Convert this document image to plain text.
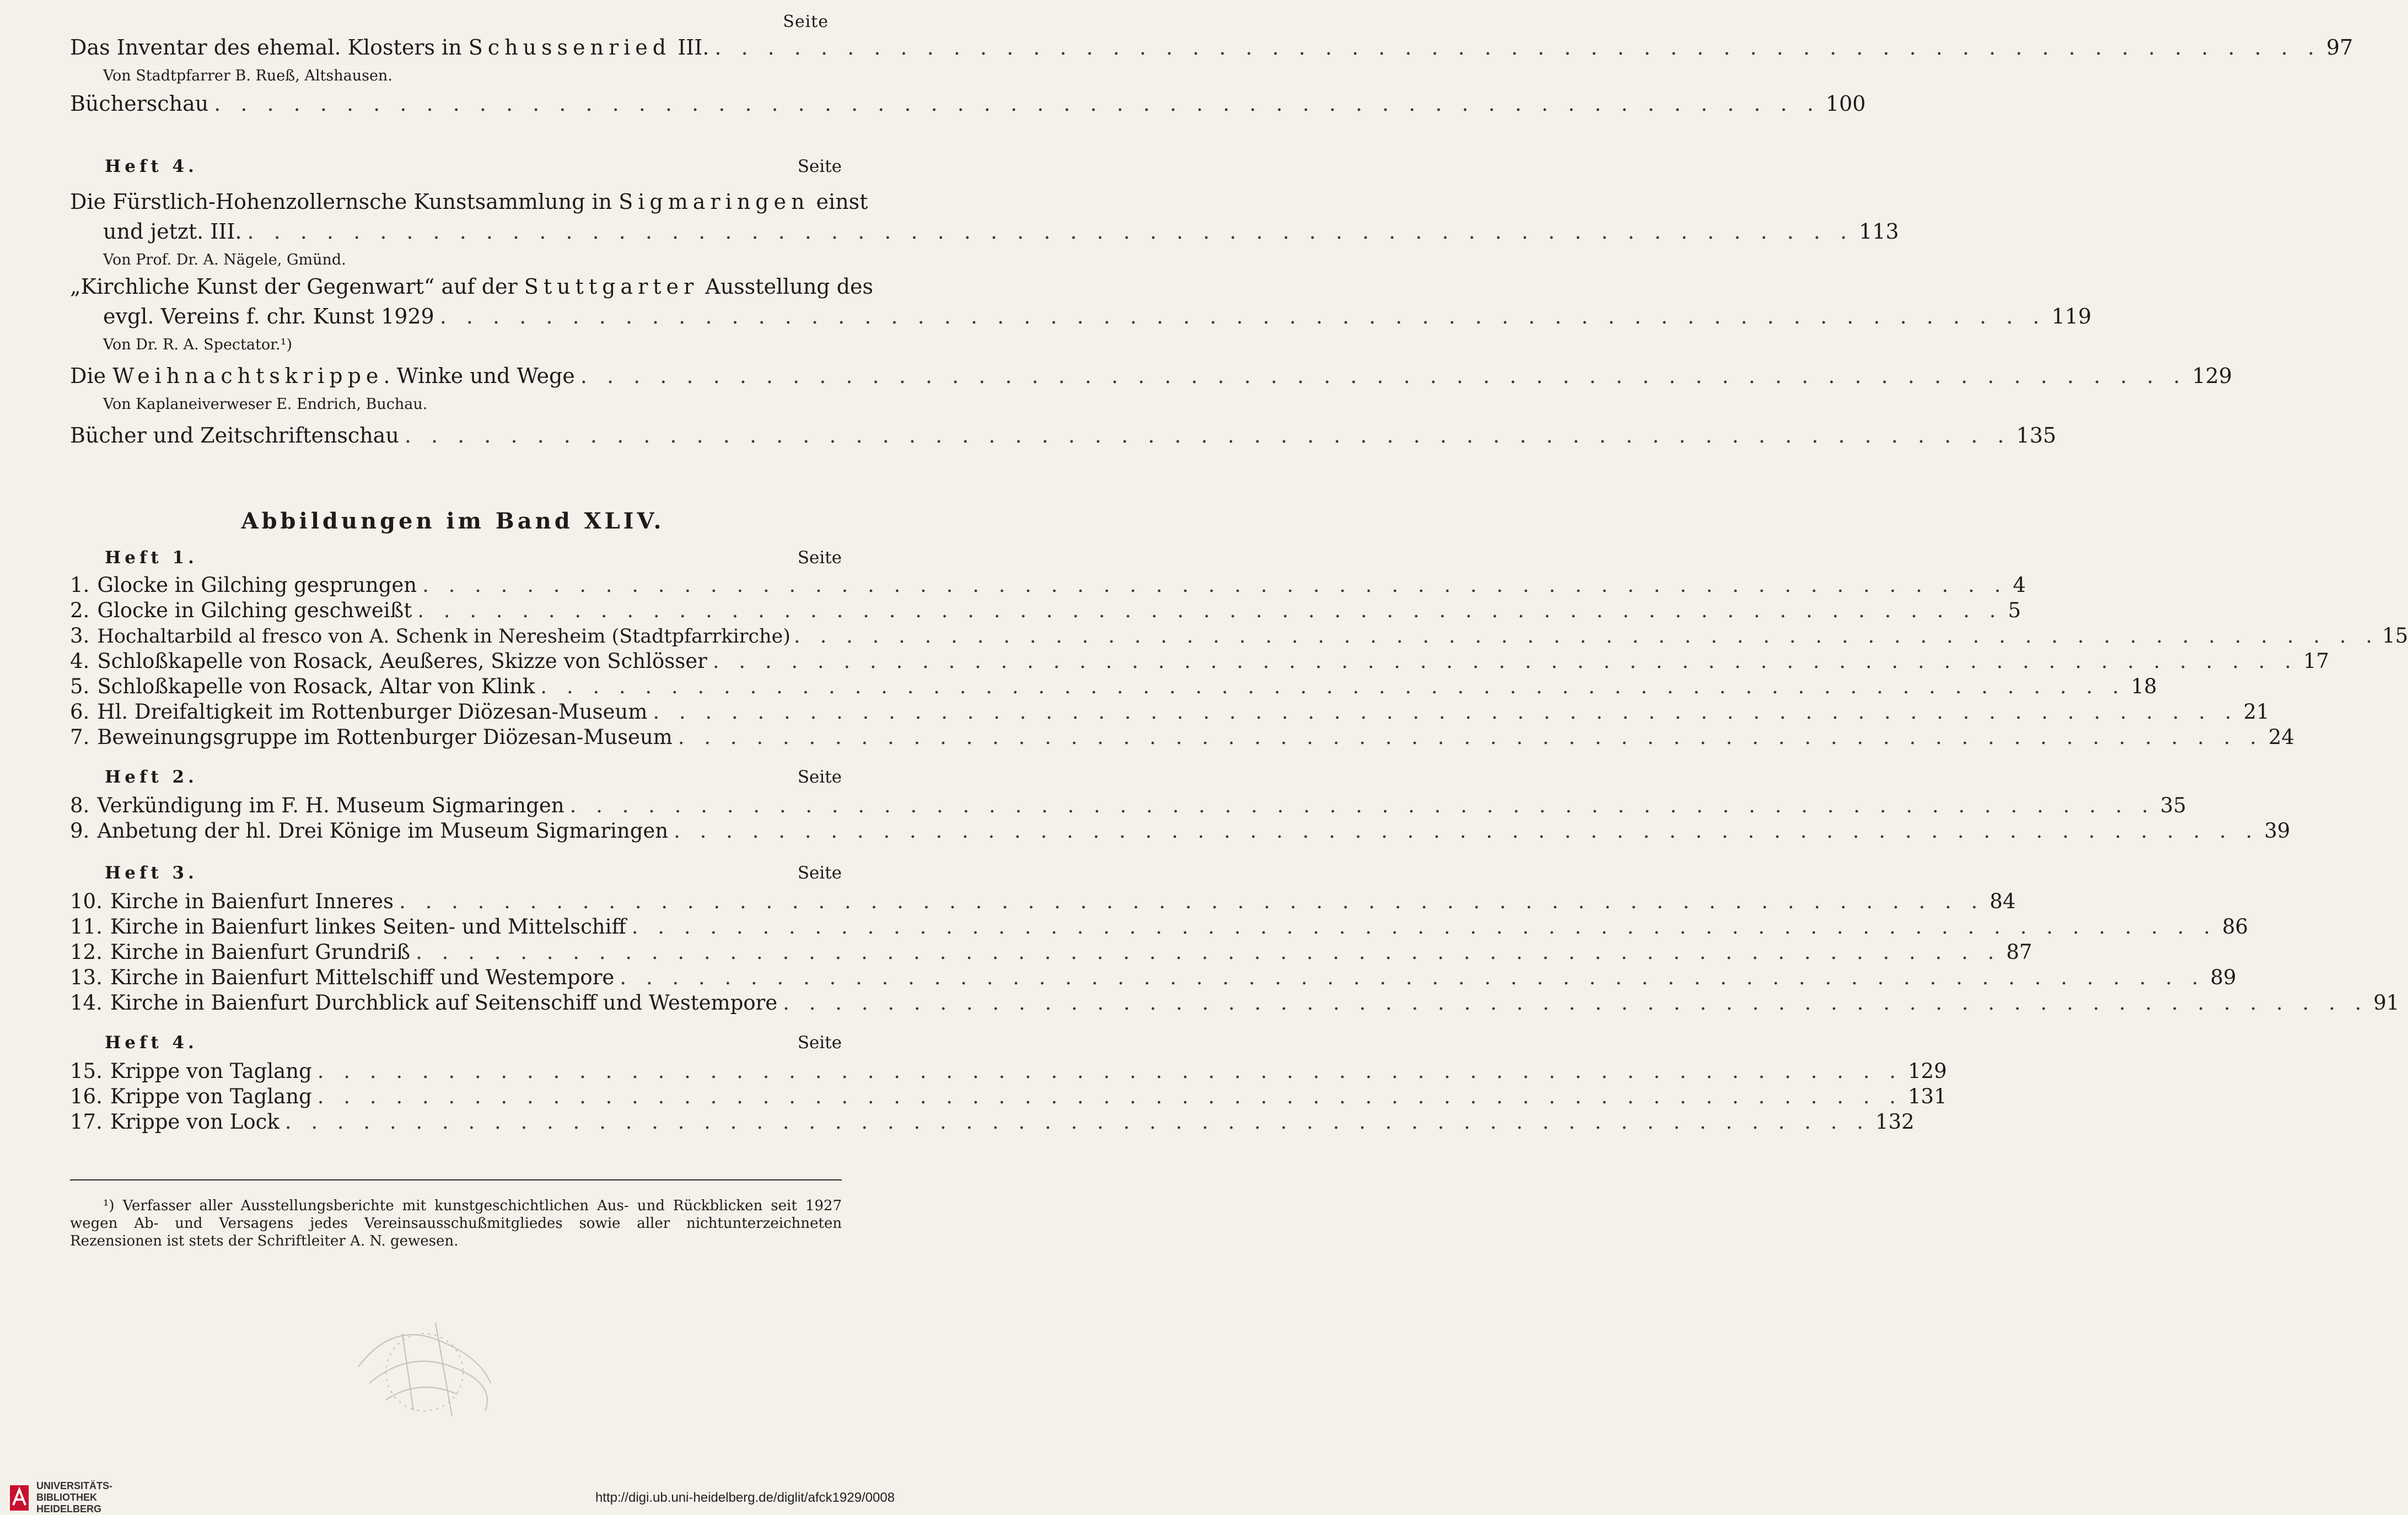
Seite
Das Inventar des ehemal. Klosters in Schussenried III. . . . . . . . . . . . . . . . . . . . . . . . . . . . . . . . . . . . . . . . . . . . . . . . . . . . . . . . . . . . . . 97
Von Stadtpfarrer B. Rueß, Altshausen.
Bücherschau . . . . . . . . . . . . . . . . . . . . . . . . . . . . . . . . . . . . . . . . . . . . . . . . . . . . . . . . . . . . . 100
Heft 4.	Seite
Die Fürstlich-Hohenzollernsche Kunstsammlung in Sigmaringen einst
und jetzt. III. . . . . . . . . . . . . . . . . . . . . . . . . . . . . . . . . . . . . . . . . . . . . . . . . . . . . . . . . . . . . . 113
Von Prof. Dr. A. Nägele, Gmünd.
„Kirchliche Kunst der Gegenwart“ auf der Stuttgarter Ausstellung des
evgl. Vereins f. chr. Kunst 1929 . . . . . . . . . . . . . . . . . . . . . . . . . . . . . . . . . . . . . . . . . . . . . . . . . . . . . . . . . . . . . 119
Von Dr. R. A. Spectator.¹)
Die Weihnachtskrippe. Winke und Wege . . . . . . . . . . . . . . . . . . . . . . . . . . . . . . . . . . . . . . . . . . . . . . . . . . . . . . . . . . . . . 129
Von Kaplaneiverweser E. Endrich, Buchau.
Bücher und Zeitschriftenschau . . . . . . . . . . . . . . . . . . . . . . . . . . . . . . . . . . . . . . . . . . . . . . . . . . . . . . . . . . . . . 135
Abbildungen im Band XLIV.
Heft 1.	Seite
1. Glocke in Gilching gesprungen . . . . . . . . . . . . . . . . . . . . . . . . . . . . . . . . . . . . . . . . . . . . . . . . . . . . . . . . . . . . . 4
2. Glocke in Gilching geschweißt . . . . . . . . . . . . . . . . . . . . . . . . . . . . . . . . . . . . . . . . . . . . . . . . . . . . . . . . . . . . . 5
3. Hochaltarbild al fresco von A. Schenk in Neresheim (Stadtpfarrkirche) . . . . . . . . . . . . . . . . . . . . . . . . . . . . . . . . . . . . . . . . . . . . . . . . . . . . . . . . . . . . . 15
4. Schloßkapelle von Rosack, Aeußeres, Skizze von Schlösser . . . . . . . . . . . . . . . . . . . . . . . . . . . . . . . . . . . . . . . . . . . . . . . . . . . . . . . . . . . . . 17
5. Schloßkapelle von Rosack, Altar von Klink . . . . . . . . . . . . . . . . . . . . . . . . . . . . . . . . . . . . . . . . . . . . . . . . . . . . . . . . . . . . . 18
6. Hl. Dreifaltigkeit im Rottenburger Diözesan-Museum . . . . . . . . . . . . . . . . . . . . . . . . . . . . . . . . . . . . . . . . . . . . . . . . . . . . . . . . . . . . . 21
7. Beweinungsgruppe im Rottenburger Diözesan-Museum . . . . . . . . . . . . . . . . . . . . . . . . . . . . . . . . . . . . . . . . . . . . . . . . . . . . . . . . . . . . . 24
Heft 2.	Seite
8. Verkündigung im F. H. Museum Sigmaringen . . . . . . . . . . . . . . . . . . . . . . . . . . . . . . . . . . . . . . . . . . . . . . . . . . . . . . . . . . . . . 35
9. Anbetung der hl. Drei Könige im Museum Sigmaringen . . . . . . . . . . . . . . . . . . . . . . . . . . . . . . . . . . . . . . . . . . . . . . . . . . . . . . . . . . . . . 39
Heft 3.	Seite
10. Kirche in Baienfurt Inneres . . . . . . . . . . . . . . . . . . . . . . . . . . . . . . . . . . . . . . . . . . . . . . . . . . . . . . . . . . . . . 84
11. Kirche in Baienfurt linkes Seiten- und Mittelschiff . . . . . . . . . . . . . . . . . . . . . . . . . . . . . . . . . . . . . . . . . . . . . . . . . . . . . . . . . . . . . 86
12. Kirche in Baienfurt Grundriß . . . . . . . . . . . . . . . . . . . . . . . . . . . . . . . . . . . . . . . . . . . . . . . . . . . . . . . . . . . . . 87
13. Kirche in Baienfurt Mittelschiff und Westempore . . . . . . . . . . . . . . . . . . . . . . . . . . . . . . . . . . . . . . . . . . . . . . . . . . . . . . . . . . . . . 89
14. Kirche in Baienfurt Durchblick auf Seitenschiff und Westempore . . . . . . . . . . . . . . . . . . . . . . . . . . . . . . . . . . . . . . . . . . . . . . . . . . . . . . . . . . . . . 91
Heft 4.	Seite
15. Krippe von Taglang . . . . . . . . . . . . . . . . . . . . . . . . . . . . . . . . . . . . . . . . . . . . . . . . . . . . . . . . . . . . . 129
16. Krippe von Taglang . . . . . . . . . . . . . . . . . . . . . . . . . . . . . . . . . . . . . . . . . . . . . . . . . . . . . . . . . . . . . 131
17. Krippe von Lock . . . . . . . . . . . . . . . . . . . . . . . . . . . . . . . . . . . . . . . . . . . . . . . . . . . . . . . . . . . . . 132
¹) Verfasser aller Ausstellungsberichte mit kunstgeschichtlichen Aus- und Rückblicken seit 1927 wegen Ab- und Versagens jedes Vereinsausschußmitgliedes sowie aller nichtunterzeichneten Rezensionen ist stets der Schriftleiter A. N. gewesen.
UNIVERSITÄTS-
BIBLIOTHEK
HEIDELBERG
http://digi.ub.uni-heidelberg.de/diglit/afck1929/0008
